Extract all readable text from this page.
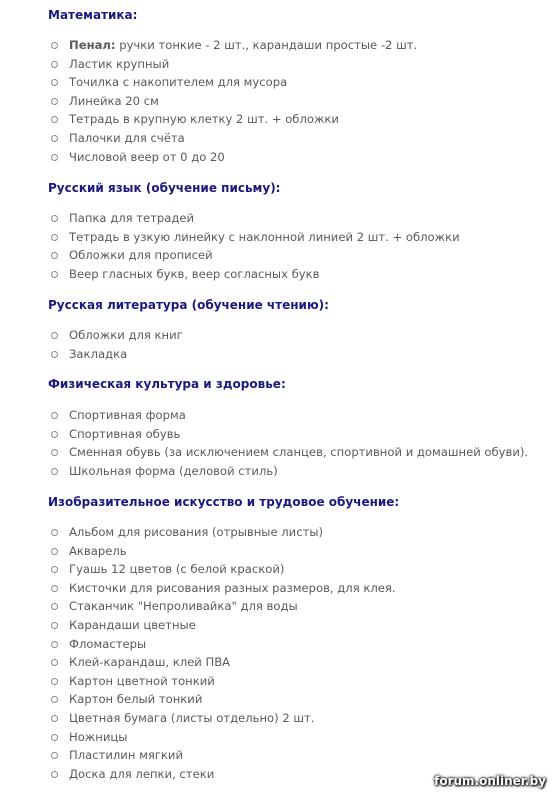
Математика:
Пенал: ручки тонкие - 2 шт., карандаши простые -2 шт.
Ластик крупный
Точилка с накопителем для мусора
Линейка 20 см
Тетрадь в крупную клетку 2 шт. + обложки
Палочки для счёта
Числовой веер от 0 до 20
Русский язык (обучение письму):
Папка для тетрадей
Тетрадь в узкую линейку с наклонной линией 2 шт. + обложки
Обложки для прописей
Веер гласных букв, веер согласных букв
Русская литература (обучение чтению):
Обложки для книг
Закладка
Физическая культура и здоровье:
Спортивная форма
Спортивная обувь
Сменная обувь (за исключением сланцев, спортивной и домашней обуви).
Школьная форма (деловой стиль)
Изобразительное искусство и трудовое обучение:
Альбом для рисования (отрывные листы)
Акварель
Гуашь 12 цветов (с белой краской)
Кисточки для рисования разных размеров, для клея.
Стаканчик "Непроливайка" для воды
Карандаши цветные
Фломастеры
Клей-карандаш, клей ПВА
Картон цветной тонкий
Картон белый тонкий
Цветная бумага (листы отдельно) 2 шт.
Ножницы
Пластилин мягкий
Доска для лепки, стеки
forum.onliner.by
